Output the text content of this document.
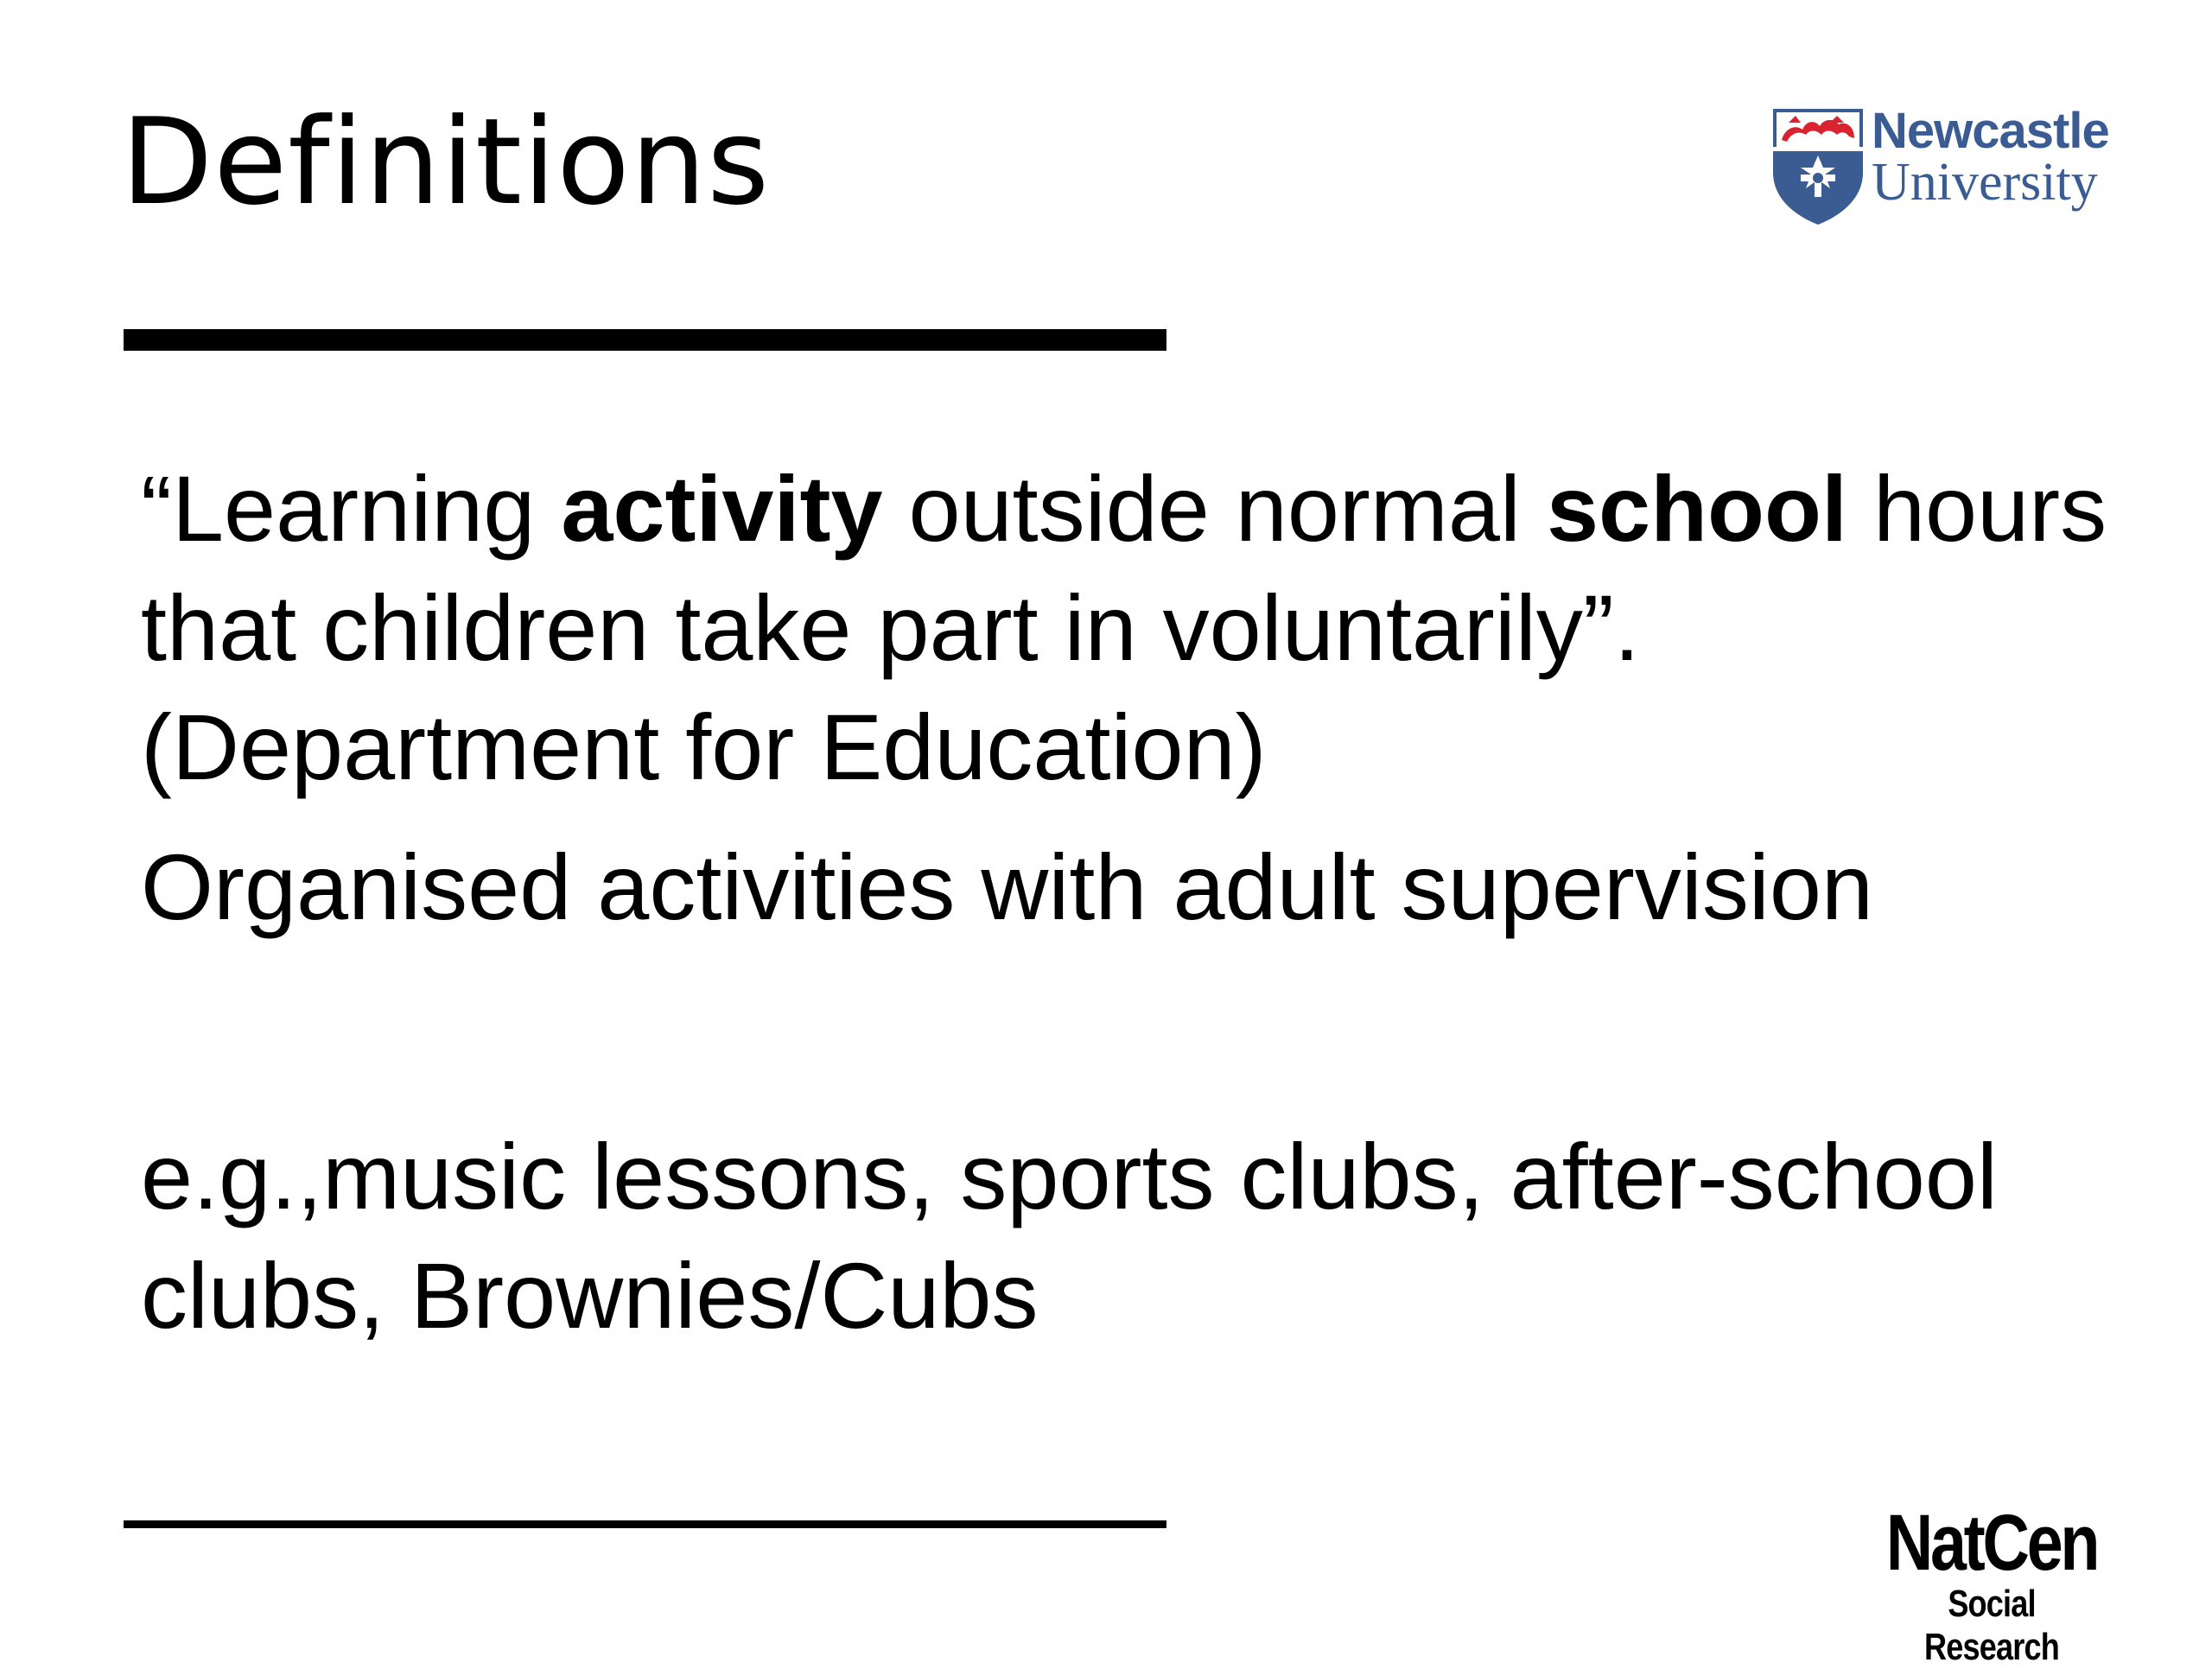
Definitions	Newcastle
University
“Learning activity outside normal school hours that children take part in voluntarily”. (Department for Education)
Organised activities with adult supervision
e.g.,music lessons, sports clubs, after-school clubs, Brownies/Cubs
NatCen
Social Research
